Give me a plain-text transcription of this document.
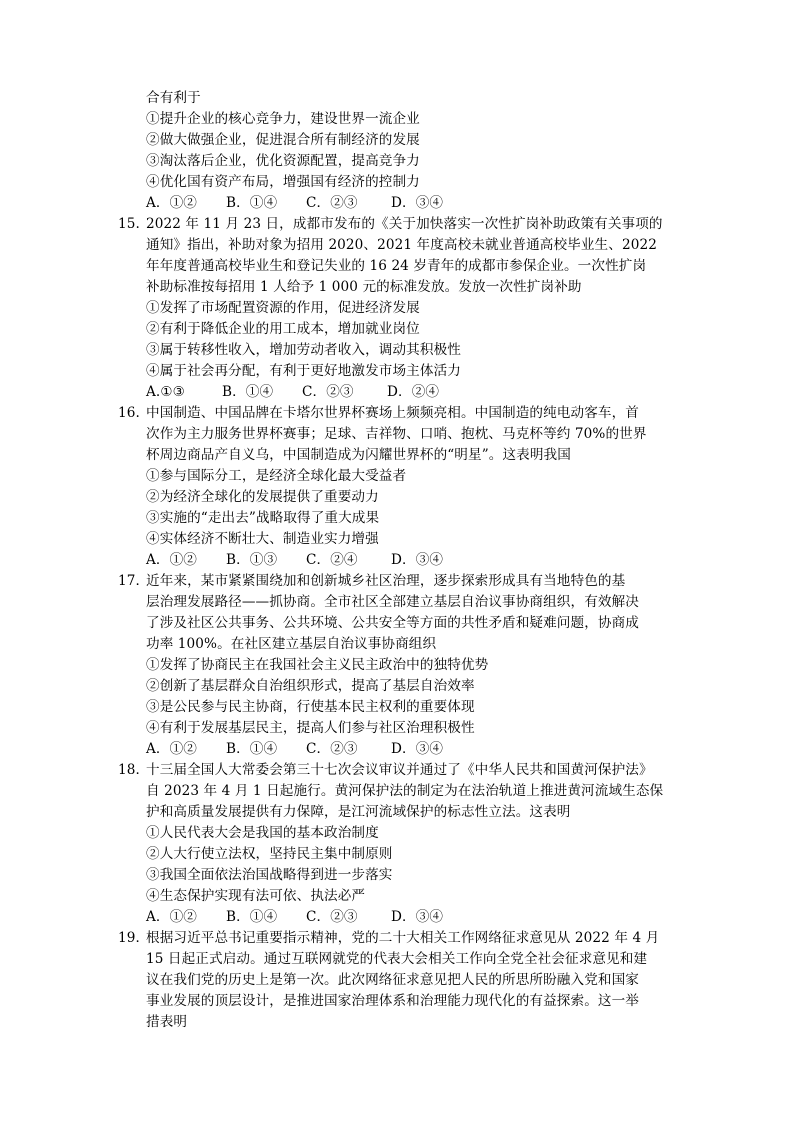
合有利于
①提升企业的核心竞争力，建设世界一流企业
②做大做强企业，促进混合所有制经济的发展
③淘汰落后企业，优化资源配置，提高竞争力
④优化国有资产布局，增强国有经济的控制力
A．①② B．①④ C．②③ D．③④
15. 2022 年 11 月 23 日，成都市发布的《关于加快落实一次性扩岗补助政策有关事项的
通知》指出，补助对象为招用 2020、2021 年度高校未就业普通高校毕业生、2022
年年度普通高校毕业生和登记失业的 16 24 岁青年的成都市参保企业。一次性扩岗
补助标准按每招用 1 人给予 1 000 元的标准发放。发放一次性扩岗补助
①发挥了市场配置资源的作用，促进经济发展
②有利于降低企业的用工成本，增加就业岗位
③属于转移性收入，增加劳动者收入，调动其积极性
④属于社会再分配，有利于更好地激发市场主体活力
A.①③	B．①④ C．②③ D．②④
16. 中国制造、中国品牌在卡塔尔世界杯赛场上频频亮相。中国制造的纯电动客车，首
次作为主力服务世界杯赛事；足球、吉祥物、口哨、抱枕、马克杯等约 70%的世界
杯周边商品产自义乌，中国制造成为闪耀世界杯的“明星”。这表明我国
①参与国际分工，是经济全球化最大受益者
②为经济全球化的发展提供了重要动力
③实施的“走出去”战略取得了重大成果
④实体经济不断壮大、制造业实力增强
A．①② B．①③ C．②④ D．③④
17．
近年来，某市紧紧围绕加和创新城乡社区治理，逐步探索形成具有当地特色的基
层治理发展路径——抓协商。全市社区全部建立基层自治议事协商组织，有效解决
了涉及社区公共事务、公共环境、公共安全等方面的共性矛盾和疑难问题，协商成
功率 100%。在社区建立基层自治议事协商组织
①发挥了协商民主在我国社会主义民主政治中的独特优势
②创新了基层群众自治组织形式，提高了基层自治效率
③是公民参与民主协商，行使基本民主权利的重要体现
④有利于发展基层民主，提高人们参与社区治理积极性
A．①② B．①④ C．②③ D．③④
18．
十三届全国人大常委会第三十七次会议审议并通过了《中华人民共和国黄河保护法》
自 2023 年 4 月 1 日起施行。黄河保护法的制定为在法治轨道上推进黄河流域生态保
护和高质量发展提供有力保障，是江河流域保护的标志性立法。这表明
①人民代表大会是我国的基本政治制度
②人大行使立法权，坚持民主集中制原则
③我国全面依法治国战略得到进一步落实
④生态保护实现有法可依、执法必严
A．①② B．①④ C．②③ D．③④
19．
根据习近平总书记重要指示精神，党的二十大相关工作网络征求意见从 2022 年 4 月
15 日起正式启动。通过互联网就党的代表大会相关工作向全党全社会征求意见和建
议在我们党的历史上是第一次。此次网络征求意见把人民的所思所盼融入党和国家
事业发展的顶层设计，是推进国家治理体系和治理能力现代化的有益探索。这一举
措表明
